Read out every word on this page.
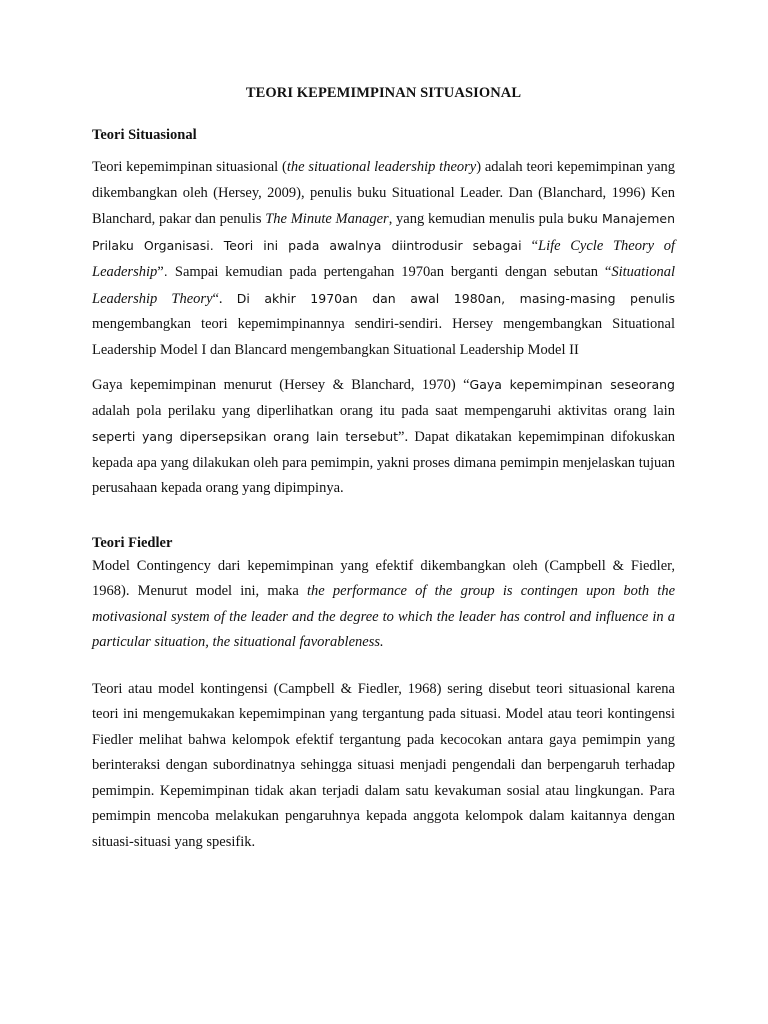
TEORI KEPEMIMPINAN SITUASIONAL
Teori Situasional

Teori kepemimpinan situasional (the situational leadership theory) adalah teori kepemimpinan yang dikembangkan oleh (Hersey, 2009), penulis buku Situational Leader. Dan (Blanchard, 1996) Ken Blanchard, pakar dan penulis The Minute Manager, yang kemudian menulis pula buku Manajemen Prilaku Organisasi. Teori ini pada awalnya diintrodusir sebagai “Life Cycle Theory of Leadership”. Sampai kemudian pada pertengahan 1970an berganti dengan sebutan “Situational Leadership Theory“. Di akhir 1970an dan awal 1980an, masing-masing penulis mengembangkan teori kepemimpinannya sendiri-sendiri. Hersey mengembangkan Situational Leadership Model I dan Blancard mengembangkan Situational Leadership Model II

Gaya kepemimpinan menurut (Hersey & Blanchard, 1970) “Gaya kepemimpinan seseorang adalah pola perilaku yang diperlihatkan orang itu pada saat mempengaruhi aktivitas orang lain seperti yang dipersepsikan orang lain tersebut”. Dapat dikatakan kepemimpinan difokuskan kepada apa yang dilakukan oleh para pemimpin, yakni proses dimana pemimpin menjelaskan tujuan perusahaan kepada orang yang dipimpinya.

Teori Fiedler

Model Contingency dari kepemimpinan yang efektif dikembangkan oleh (Campbell & Fiedler, 1968). Menurut model ini, maka the performance of the group is contingen upon both the motivasional system of the leader and the degree to which the leader has control and influence in a particular situation, the situational favorableness.

Teori atau model kontingensi (Campbell & Fiedler, 1968) sering disebut teori situasional karena teori ini mengemukakan kepemimpinan yang tergantung pada situasi. Model atau teori kontingensi Fiedler melihat bahwa kelompok efektif tergantung pada kecocokan antara gaya pemimpin yang berinteraksi dengan subordinatnya sehingga situasi menjadi pengendali dan berpengaruh terhadap pemimpin. Kepemimpinan tidak akan terjadi dalam satu kevakuman sosial atau lingkungan. Para pemimpin mencoba melakukan pengaruhnya kepada anggota kelompok dalam kaitannya dengan situasi-situasi yang spesifik.
